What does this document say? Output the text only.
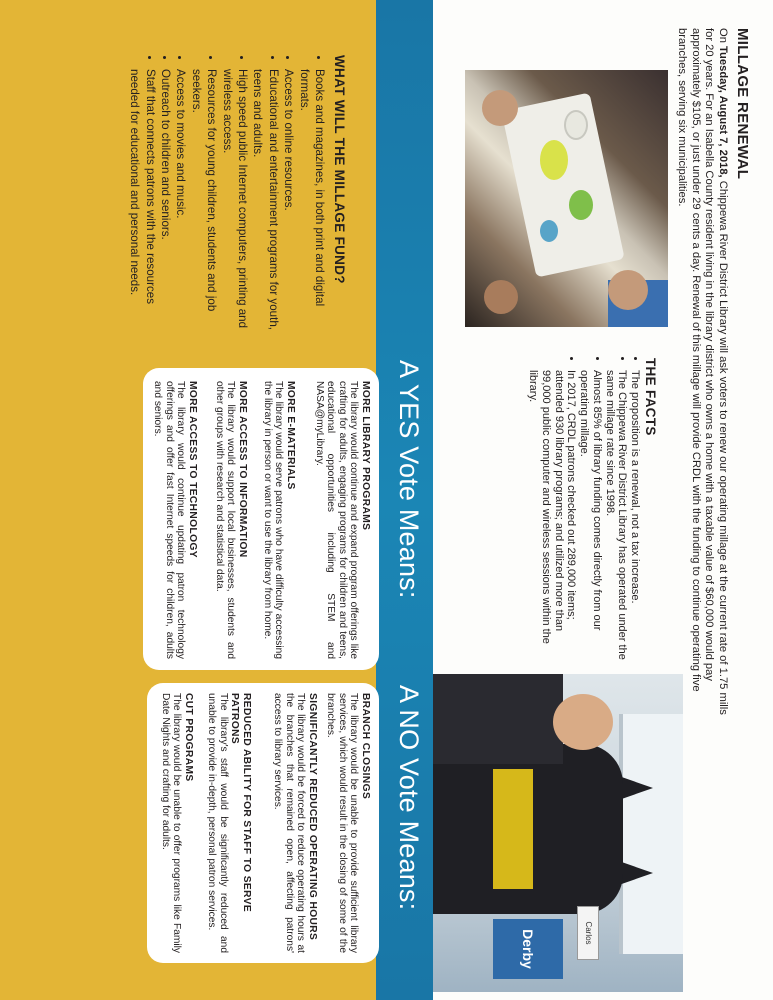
MILLAGE RENEWAL
On Tuesday, August 7, 2018, Chippewa River District Library will ask voters to renew our operating millage at the current rate of 1.75 mills for 20 years. For an Isabella County resident living in the library district who owns a home with a taxable value of $60,000 would pay approximately $105, or just under 29 cents a day. Renewal of this millage will provide CRDL with the funding to continue operating five branches, serving six municipalities.
THE FACTS
• The proposition is a renewal, not a tax increase.
• The Chippewa River District Library has operated under the same millage rate since 1998.
• Almost 85% of library funding comes directly from our operating millage.
• In 2017, CRDL patrons checked out 289,000 items; attended 930 library programs; and utilized more than 99,000 public computer and wireless sessions within the library.
Derby	Carlos
A YES Vote Means:
A NO Vote Means:
WHAT WILL THE MILLAGE FUND?
• Books and magazines, in both print and digital formats.
• Access to online resources.
• Educational and entertainment programs for youth, teens and adults.
• High speed public Internet computers, printing and wireless access.
• Resources for young children, students and job seekers.
• Access to movies and music.
• Outreach to children and seniors.
• Staff that connects patrons with the resources needed for educational and personal needs.
MORE LIBRARY PROGRAMS
The library would continue and expand program offerings like crafting for adults, engaging programs for children and teens, educational opportunities including STEM and NASA@myLibrary.
MORE E-MATERIALS
The library would serve patrons who have difficulty accessing the library in person or want to use the library from home.
MORE ACCESS TO INFORMATION
The library would support local businesses, students and other groups with research and statistical data.
MORE ACCESS TO TECHNOLOGY
The library would continue updating patron technology offerings and offer fast Internet speeds for children, adults and seniors.
BRANCH CLOSINGS
The library would be unable to provide sufficient library services, which would result in the closing of some of the branches.
SIGNIFICANTLY REDUCED OPERATING HOURS
The library would be forced to reduce operating hours at the branches that remained open, affecting patrons' access to library services.
REDUCED ABILITY FOR STAFF TO SERVE PATRONS
The library's staff would be significantly reduced and unable to provide in-depth, personal patron services.
CUT PROGRAMS
The library would be unable to offer programs like Family Date Nights and crafting for adults.
